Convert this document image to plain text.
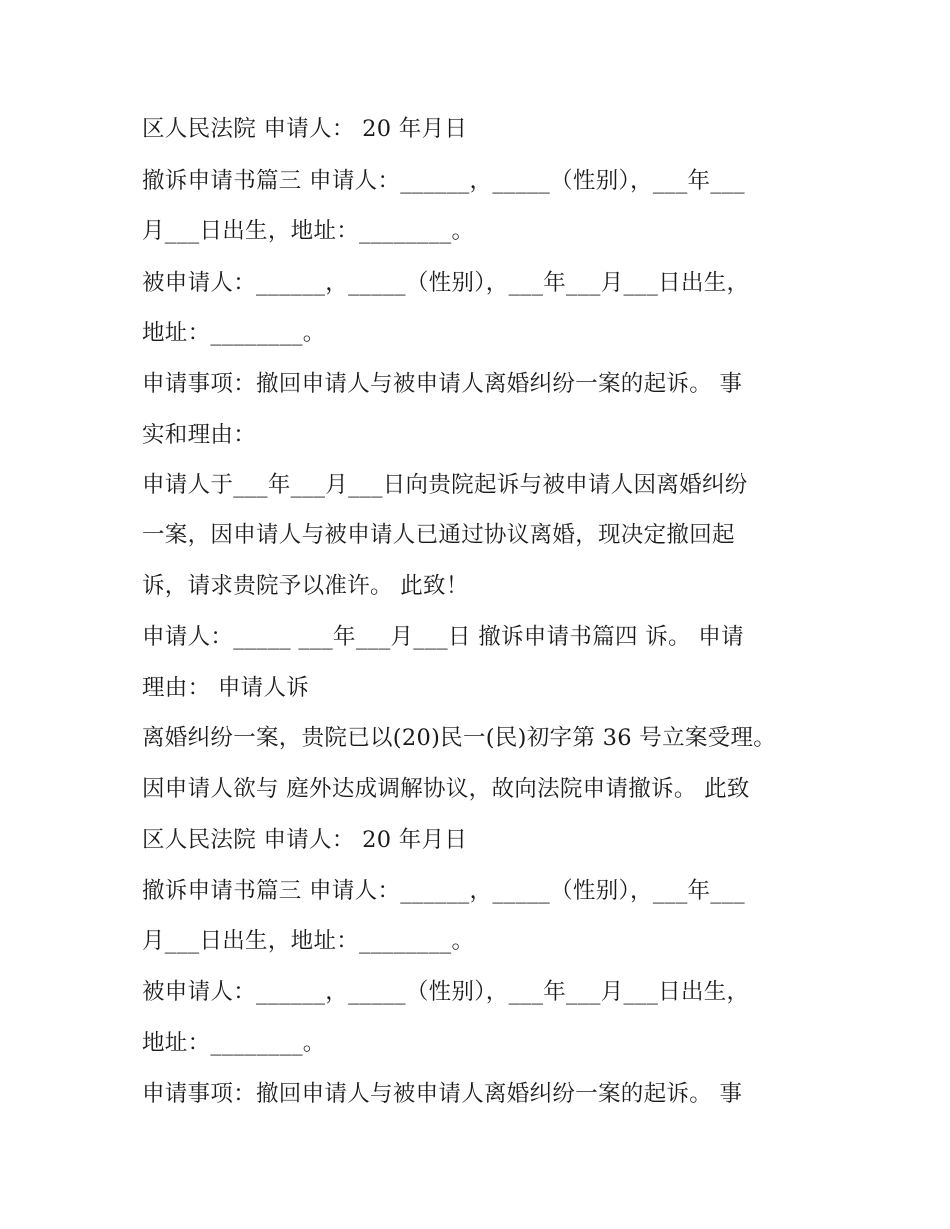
区人民法院 申请人： 20 年月日
撤诉申请书篇三 申请人：______，_____（性别），___年___
月___日出生，地址：________。
被申请人：______，_____（性别），___年___月___日出生，
地址：________。
申请事项：撤回申请人与被申请人离婚纠纷一案的起诉。 事
实和理由：
申请人于___年___月___日向贵院起诉与被申请人因离婚纠纷
一案，因申请人与被申请人已通过协议离婚，现决定撤回起
诉，请求贵院予以准许。 此致！
申请人：_____ ___年___月___日 撤诉申请书篇四 诉。 申请
理由： 申请人诉
离婚纠纷一案，贵院已以(20)民一(民)初字第 36 号立案受理。
因申请人欲与 庭外达成调解协议，故向法院申请撤诉。 此致
区人民法院 申请人： 20 年月日
撤诉申请书篇三 申请人：______，_____（性别），___年___
月___日出生，地址：________。
被申请人：______，_____（性别），___年___月___日出生，
地址：________。
申请事项：撤回申请人与被申请人离婚纠纷一案的起诉。 事
